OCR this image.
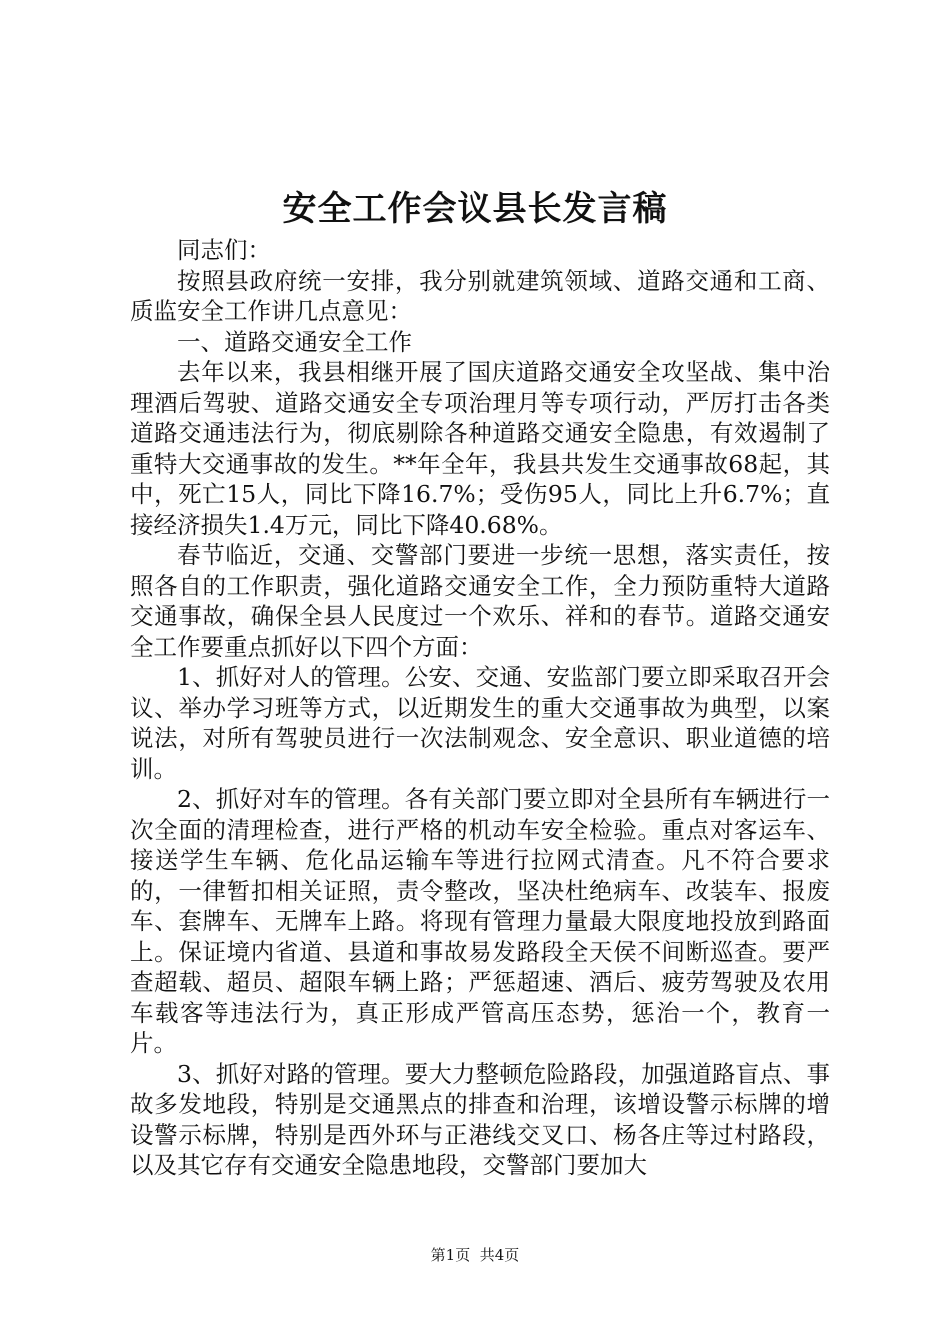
安全工作会议县长发言稿

同志们：

按照县政府统一安排，我分别就建筑领域、道路交通和工商、质监安全工作讲几点意见：

一、道路交通安全工作

去年以来，我县相继开展了国庆道路交通安全攻坚战、集中治理酒后驾驶、道路交通安全专项治理月等专项行动，严厉打击各类道路交通违法行为，彻底剔除各种道路交通安全隐患，有效遏制了重特大交通事故的发生。**年全年，我县共发生交通事故68起，其中，死亡15人，同比下降16.7%；受伤95人，同比上升6.7%；直接经济损失1.4万元，同比下降40.68%。

春节临近，交通、交警部门要进一步统一思想，落实责任，按照各自的工作职责，强化道路交通安全工作，全力预防重特大道路交通事故，确保全县人民度过一个欢乐、祥和的春节。道路交通安全工作要重点抓好以下四个方面：

1、抓好对人的管理。公安、交通、安监部门要立即采取召开会议、举办学习班等方式，以近期发生的重大交通事故为典型，以案说法，对所有驾驶员进行一次法制观念、安全意识、职业道德的培训。

2、抓好对车的管理。各有关部门要立即对全县所有车辆进行一次全面的清理检查，进行严格的机动车安全检验。重点对客运车、接送学生车辆、危化品运输车等进行拉网式清查。凡不符合要求的，一律暂扣相关证照，责令整改，坚决杜绝病车、改装车、报废车、套牌车、无牌车上路。将现有管理力量最大限度地投放到路面上。保证境内省道、县道和事故易发路段全天侯不间断巡查。要严查超载、超员、超限车辆上路；严惩超速、酒后、疲劳驾驶及农用车载客等违法行为，真正形成严管高压态势，惩治一个，教育一片。

3、抓好对路的管理。要大力整顿危险路段，加强道路盲点、事故多发地段，特别是交通黑点的排查和治理，该增设警示标牌的增设警示标牌，特别是西外环与正港线交叉口、杨各庄等过村路段，以及其它存有交通安全隐患地段，交警部门要加大

第1页 共4页
